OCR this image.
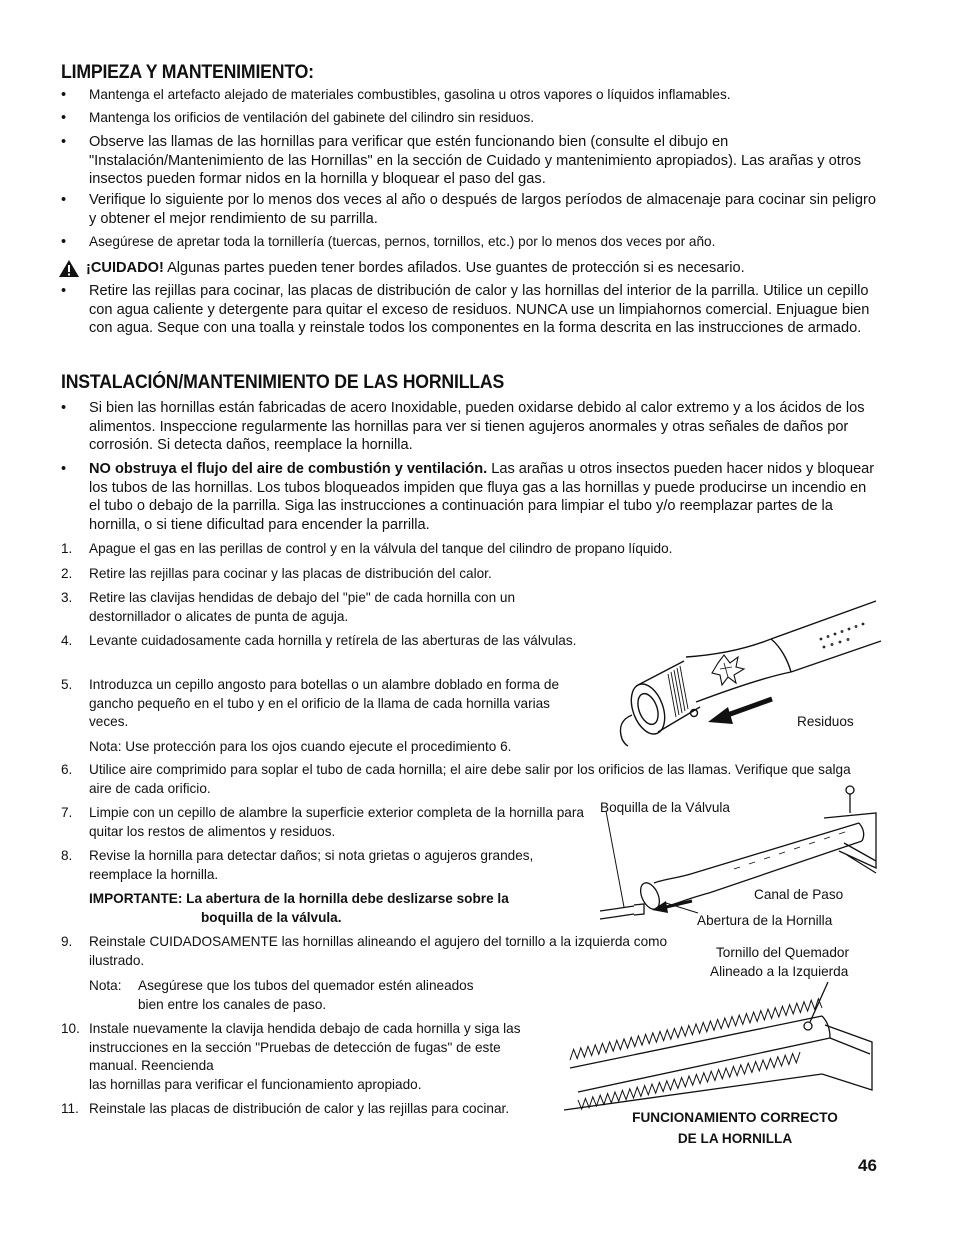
LIMPIEZA Y MANTENIMIENTO:
• Mantenga el artefacto alejado de materiales combustibles, gasolina u otros vapores o líquidos inflamables.
• Mantenga los orificios de ventilación del gabinete del cilindro sin residuos.
• Observe las llamas de las hornillas para verificar que estén funcionando bien (consulte el dibujo en "Instalación/Mantenimiento de las Hornillas" en la sección de Cuidado y mantenimiento apropiados). Las arañas y otros insectos pueden formar nidos en la hornilla y bloquear el paso del gas.
• Verifique lo siguiente por lo menos dos veces al año o después de largos períodos de almacenaje para cocinar sin peligro y obtener el mejor rendimiento de su parrilla.
• Asegúrese de apretar toda la tornillería (tuercas, pernos, tornillos, etc.) por lo menos dos veces por año.
¡CUIDADO! Algunas partes pueden tener bordes afilados. Use guantes de protección si es necesario.
• Retire las rejillas para cocinar, las placas de distribución de calor y las hornillas del interior de la parrilla. Utilice un cepillo con agua caliente y detergente para quitar el exceso de residuos. NUNCA use un limpiahornos comercial. Enjuague bien con agua. Seque con una toalla y reinstale todos los componentes en la forma descrita en las instrucciones de armado.
INSTALACIÓN/MANTENIMIENTO DE LAS HORNILLAS
• Si bien las hornillas están fabricadas de acero Inoxidable, pueden oxidarse debido al calor extremo y a los ácidos de los alimentos. Inspeccione regularmente las hornillas para ver si tienen agujeros anormales y otras señales de daños por corrosión. Si detecta daños, reemplace la hornilla.
• NO obstruya el flujo del aire de combustión y ventilación. Las arañas u otros insectos pueden hacer nidos y bloquear los tubos de las hornillas. Los tubos bloqueados impiden que fluya gas a las hornillas y puede producirse un incendio en el tubo o debajo de la parrilla. Siga las instrucciones a continuación para limpiar el tubo y/o reemplazar partes de la hornilla, o si tiene dificultad para encender la parrilla.
1. Apague el gas en las perillas de control y en la válvula del tanque del cilindro de propano líquido.
2. Retire las rejillas para cocinar y las placas de distribución del calor.
3. Retire las clavijas hendidas de debajo del "pie" de cada hornilla con un destornillador o alicates de punta de aguja.
4. Levante cuidadosamente cada hornilla y retírela de las aberturas de las válvulas.
5. Introduzca un cepillo angosto para botellas o un alambre doblado en forma de gancho pequeño en el tubo y en el orificio de la llama de cada hornilla varias veces.
Nota: Use protección para los ojos cuando ejecute el procedimiento 6.
6. Utilice aire comprimido para soplar el tubo de cada hornilla; el aire debe salir por los orificios de las llamas. Verifique que salga aire de cada orificio.
7. Limpie con un cepillo de alambre la superficie exterior completa de la hornilla para quitar los restos de alimentos y residuos.
8. Revise la hornilla para detectar daños; si nota grietas o agujeros grandes, reemplace la hornilla.
IMPORTANTE: La abertura de la hornilla debe deslizarse sobre la
boquilla de la válvula.
9. Reinstale CUIDADOSAMENTE las hornillas alineando el agujero del tornillo a la izquierda como ilustrado.
Nota: Asegúrese que los tubos del quemador estén alineados
bien entre los canales de paso.
10. Instale nuevamente la clavija hendida debajo de cada hornilla y siga las instrucciones en la sección "Pruebas de detección de fugas" de este manual. Reencienda
las hornillas para verificar el funcionamiento apropiado.
11. Reinstale las placas de distribución de calor y las rejillas para cocinar.
Residuos
Boquilla de la Válvula
Canal de Paso
Abertura de la Hornilla
Tornillo del Quemador
Alineado a la Izquierda
FUNCIONAMIENTO CORRECTO
DE LA HORNILLA
46
